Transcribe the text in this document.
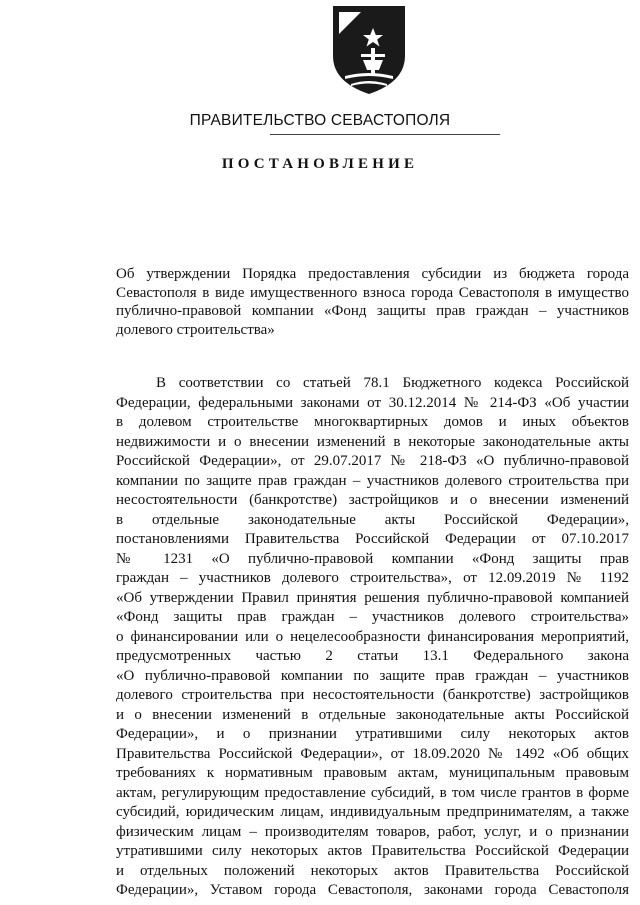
ПРАВИТЕЛЬСТВО СЕВАСТОПОЛЯ
ПОСТАНОВЛЕНИЕ
Об утверждении Порядка предоставления субсидии из бюджета города
Севастополя в виде имущественного взноса города Севастополя в имущество
публично-правовой компании «Фонд защиты прав граждан – участников
долевого строительства»
В соответствии со статьей 78.1 Бюджетного кодекса Российской
Федерации, федеральными законами от 30.12.2014 № 214-ФЗ «Об участии
в долевом строительстве многоквартирных домов и иных объектов
недвижимости и о внесении изменений в некоторые законодательные акты
Российской Федерации», от 29.07.2017 № 218-ФЗ «О публично-правовой
компании по защите прав граждан – участников долевого строительства при
несостоятельности (банкротстве) застройщиков и о внесении изменений
в отдельные законодательные акты Российской Федерации»,
постановлениями Правительства Российской Федерации от 07.10.2017
№ 1231 «О публично-правовой компании «Фонд защиты прав
граждан – участников долевого строительства», от 12.09.2019 № 1192
«Об утверждении Правил принятия решения публично-правовой компанией
«Фонд защиты прав граждан – участников долевого строительства»
о финансировании или о нецелесообразности финансирования мероприятий,
предусмотренных частью 2 статьи 13.1 Федерального закона
«О публично-правовой компании по защите прав граждан – участников
долевого строительства при несостоятельности (банкротстве) застройщиков
и о внесении изменений в отдельные законодательные акты Российской
Федерации», и о признании утратившими силу некоторых актов
Правительства Российской Федерации», от 18.09.2020 № 1492 «Об общих
требованиях к нормативным правовым актам, муниципальным правовым
актам, регулирующим предоставление субсидий, в том числе грантов в форме
субсидий, юридическим лицам, индивидуальным предпринимателям, а также
физическим лицам – производителям товаров, работ, услуг, и о признании
утратившими силу некоторых актов Правительства Российской Федерации
и отдельных положений некоторых актов Правительства Российской
Федерации», Уставом города Севастополя, законами города Севастополя
